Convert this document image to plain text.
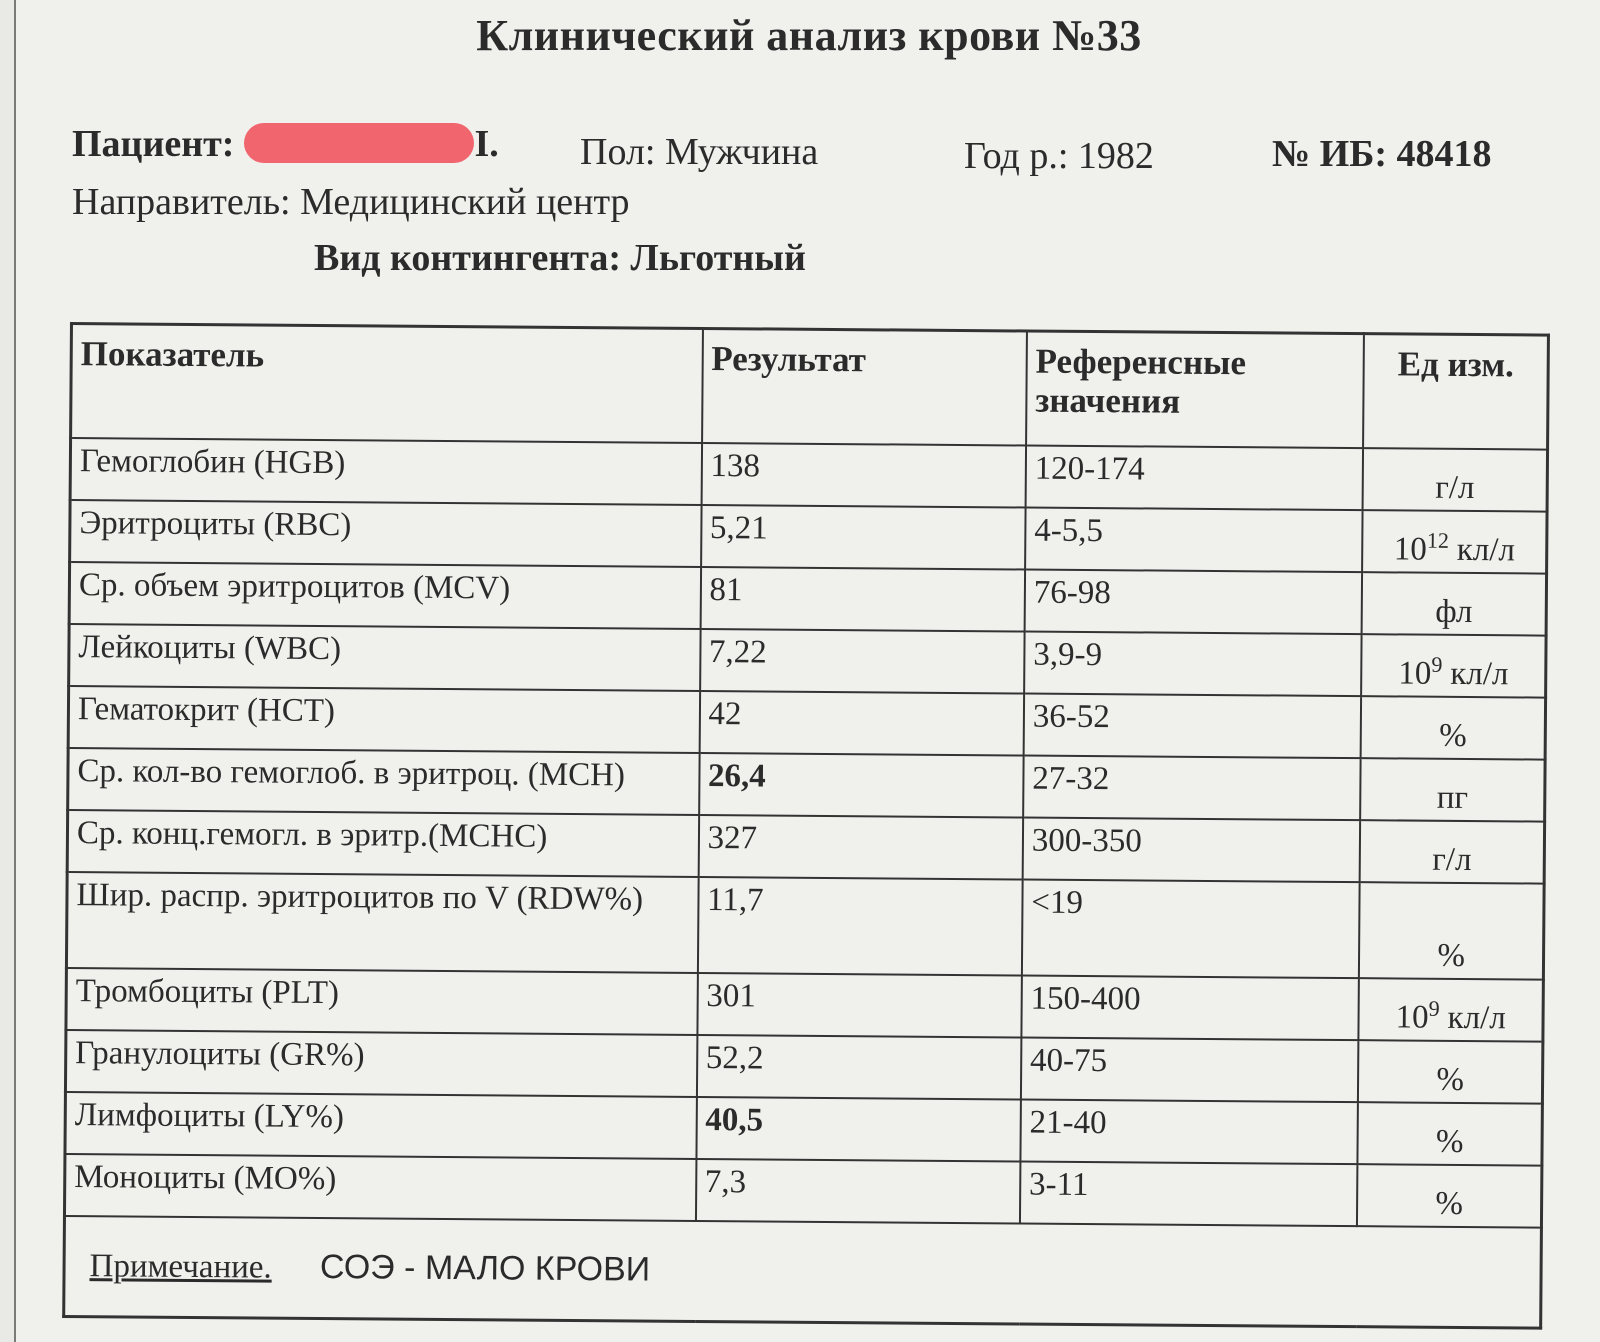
Клинический анализ крови №33
Пациент:	I. Пол: Мужчина	Год р.: 1982	№ ИБ: 48418
Направитель: Медицинский центр
Вид контингента: Льготный
Показатель	Результат	Референсные значения	Ед изм.
Гемоглобин (HGB)	138	120-174	г/л
Эритроциты (RBC)	5,21	4-5,5	$10^{12}$ кл/л
Ср. объем эритроцитов (MCV)	81	76-98	фл
Лейкоциты (WBC)	7,22	3,9-9	$10^9$ кл/л
Гематокрит (HCT)	42	36-52	%
Ср. кол-во гемоглоб. в эритроц. (MCH)	26,4	27-32	пг
Ср. конц.гемогл. в эритр.(MCHC)	327	300-350	г/л
Шир. распр. эритроцитов по V (RDW%)	11,7	<19	%
Тромбоциты (PLT)	301	150-400	$10^9$ кл/л
Гранулоциты (GR%)	52,2	40-75	%
Лимфоциты (LY%)	40,5	21-40	%
Моноциты (MO%)	7,3	3-11	%
Примечание. СОЭ - МАЛО КРОВИ			
